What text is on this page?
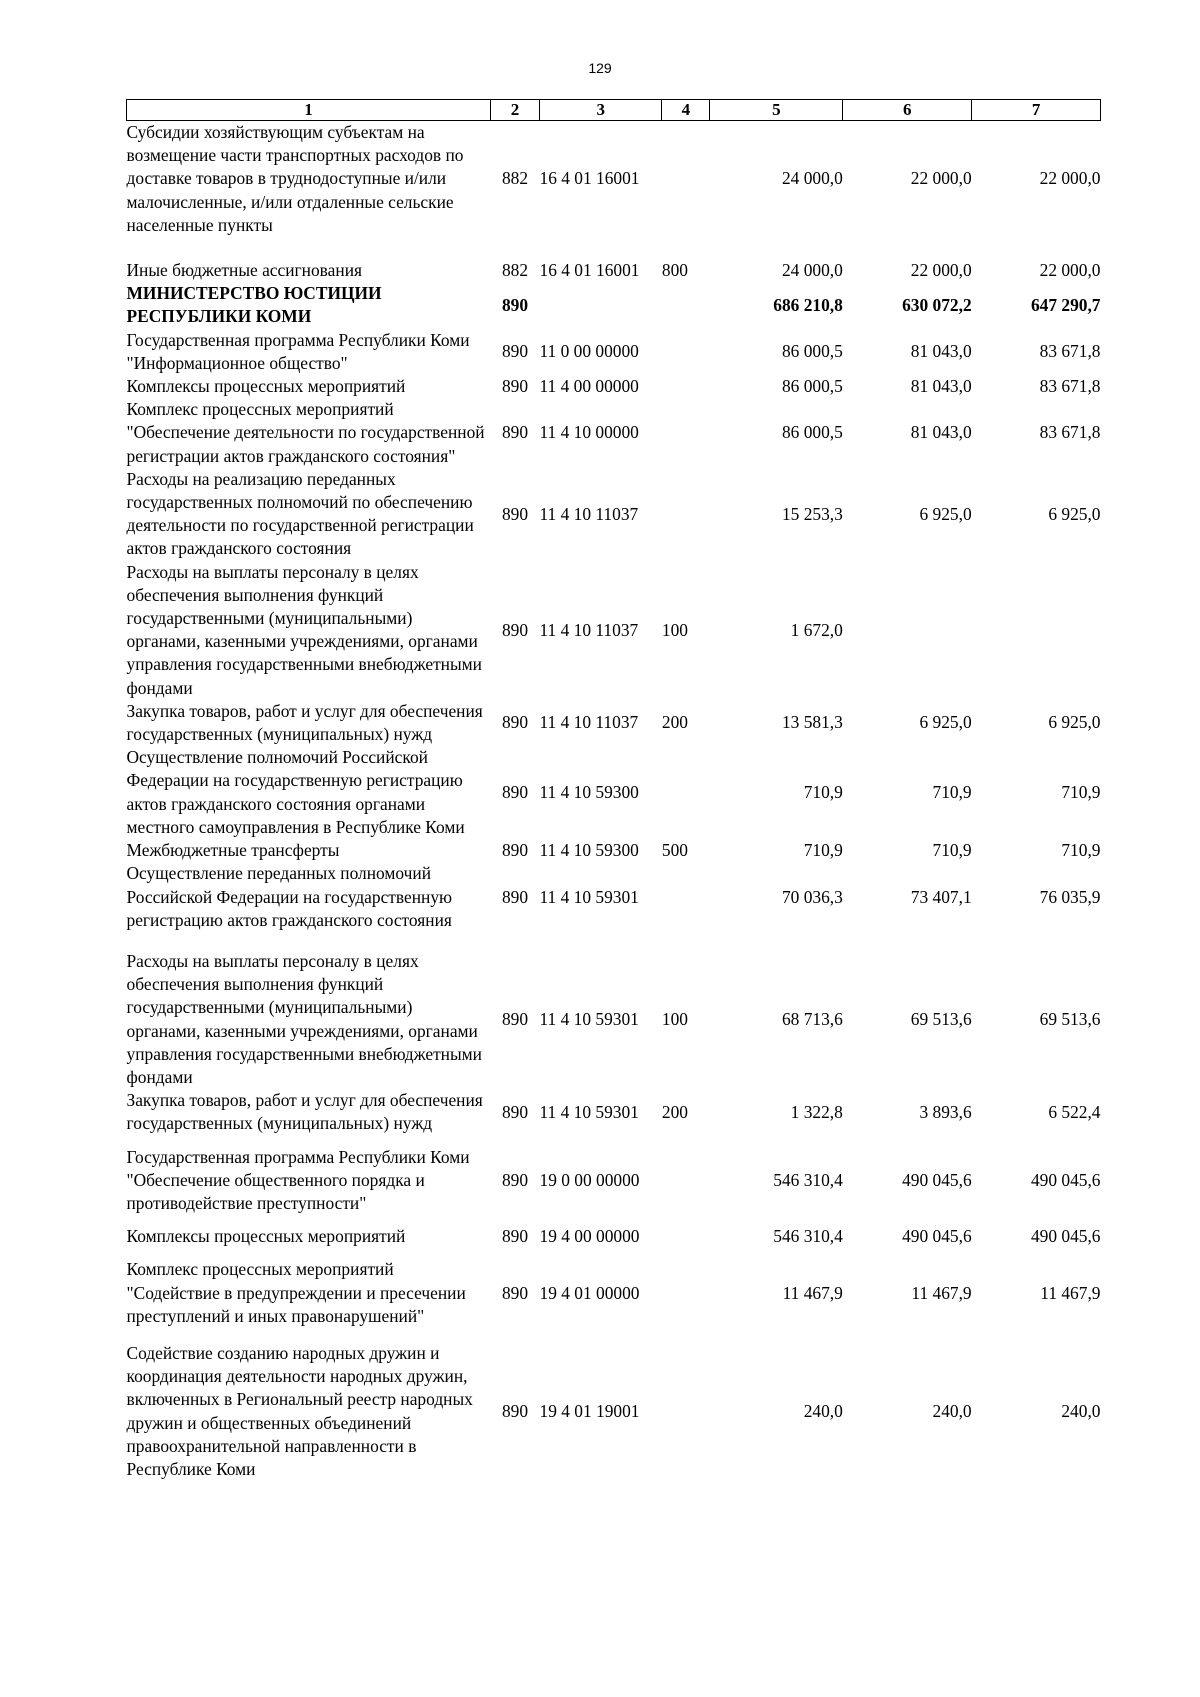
129
1	2	3	4	5	6	7
Субсидии хозяйствующим субъектам на возмещение части транспортных расходов по доставке товаров в труднодоступные и/или малочисленные, и/или отдаленные сельские населенные пункты	882	16 4 01 16001		24 000,0	22 000,0	22 000,0
Иные бюджетные ассигнования	882	16 4 01 16001	800	24 000,0	22 000,0	22 000,0
МИНИСТЕРСТВО ЮСТИЦИИ РЕСПУБЛИКИ КОМИ	890			686 210,8	630 072,2	647 290,7
Государственная программа Республики Коми "Информационное общество"	890	11 0 00 00000		86 000,5	81 043,0	83 671,8
Комплексы процессных мероприятий	890	11 4 00 00000		86 000,5	81 043,0	83 671,8
Комплекс процессных мероприятий "Обеспечение деятельности по государственной регистрации актов гражданского состояния"	890	11 4 10 00000		86 000,5	81 043,0	83 671,8
Расходы на реализацию переданных государственных полномочий по обеспечению деятельности по государственной регистрации актов гражданского состояния	890	11 4 10 11037		15 253,3	6 925,0	6 925,0
Расходы на выплаты персоналу в целях обеспечения выполнения функций государственными (муниципальными) органами, казенными учреждениями, органами управления государственными внебюджетными фондами	890	11 4 10 11037	100	1 672,0		
Закупка товаров, работ и услуг для обеспечения государственных (муниципальных) нужд	890	11 4 10 11037	200	13 581,3	6 925,0	6 925,0
Осуществление полномочий Российской Федерации на государственную регистрацию актов гражданского состояния органами местного самоуправления в Республике Коми	890	11 4 10 59300		710,9	710,9	710,9
Межбюджетные трансферты	890	11 4 10 59300	500	710,9	710,9	710,9
Осуществление переданных полномочий Российской Федерации на государственную регистрацию актов гражданского состояния	890	11 4 10 59301		70 036,3	73 407,1	76 035,9
Расходы на выплаты персоналу в целях обеспечения выполнения функций государственными (муниципальными) органами, казенными учреждениями, органами управления государственными внебюджетными фондами	890	11 4 10 59301	100	68 713,6	69 513,6	69 513,6
Закупка товаров, работ и услуг для обеспечения государственных (муниципальных) нужд	890	11 4 10 59301	200	1 322,8	3 893,6	6 522,4
Государственная программа Республики Коми "Обеспечение общественного порядка и противодействие преступности"	890	19 0 00 00000		546 310,4	490 045,6	490 045,6
Комплексы процессных мероприятий	890	19 4 00 00000		546 310,4	490 045,6	490 045,6
Комплекс процессных мероприятий "Содействие в предупреждении и пресечении преступлений и иных правонарушений"	890	19 4 01 00000		11 467,9	11 467,9	11 467,9
Содействие созданию народных дружин и координация деятельности народных дружин, включенных в Региональный реестр народных дружин и общественных объединений правоохранительной направленности в Республике Коми	890	19 4 01 19001		240,0	240,0	240,0
